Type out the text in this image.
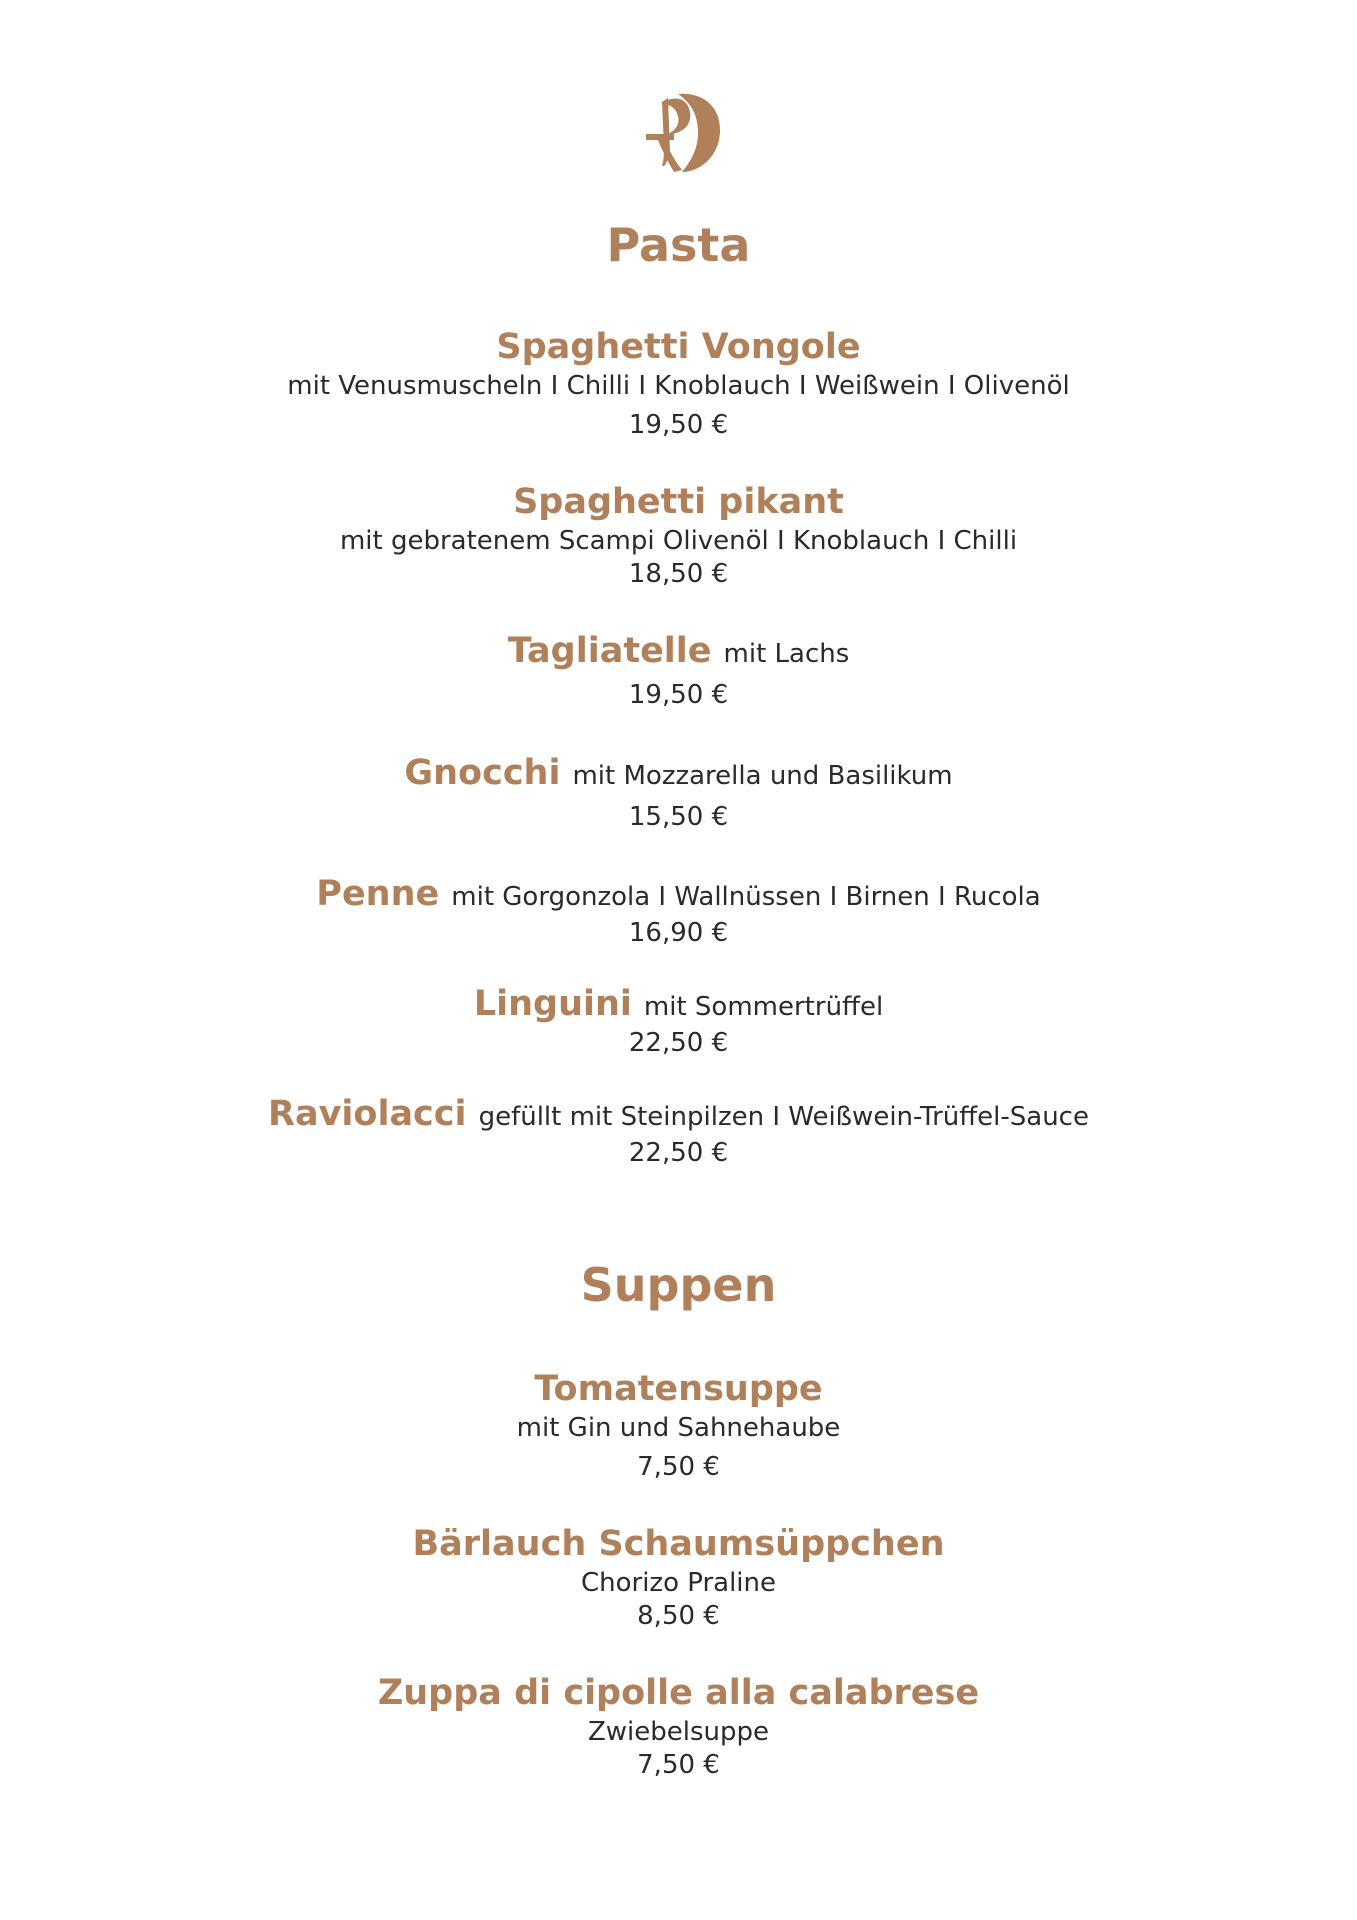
Pasta
Spaghetti Vongole
mit Venusmuscheln I Chilli I Knoblauch I Weißwein I Olivenöl
19,50 €
Spaghetti pikant
mit gebratenem Scampi Olivenöl I Knoblauch I Chilli
18,50 €
Tagliatelle mit Lachs
19,50 €
Gnocchi mit Mozzarella und Basilikum
15,50 €
Penne mit Gorgonzola I Wallnüssen I Birnen I Rucola
16,90 €
Linguini mit Sommertrüffel
22,50 €
Raviolacci gefüllt mit Steinpilzen I Weißwein-Trüffel-Sauce
22,50 €
Suppen
Tomatensuppe
mit Gin und Sahnehaube
7,50 €
Bärlauch Schaumsüppchen
Chorizo Praline
8,50 €
Zuppa di cipolle alla calabrese
Zwiebelsuppe
7,50 €
